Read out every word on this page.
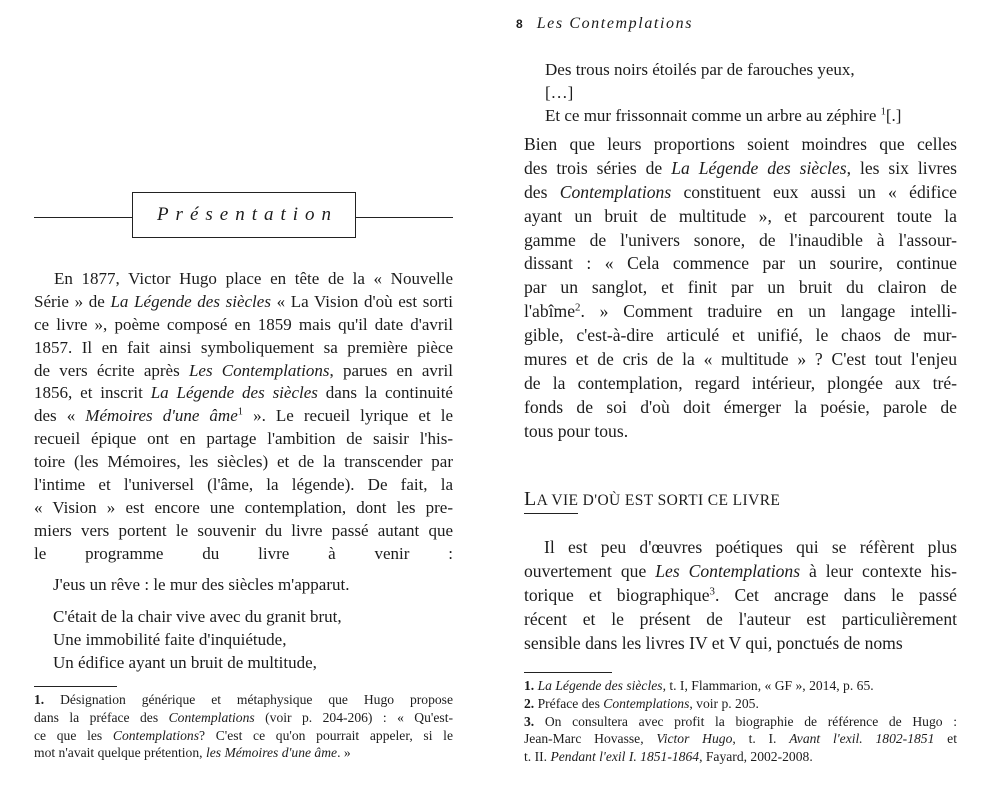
Présentation
En 1877, Victor Hugo place en tête de la « Nouvelle
Série » de La Légende des siècles « La Vision d'où est sorti
ce livre », poème composé en 1859 mais qu'il date d'avril
1857. Il en fait ainsi symboliquement sa première pièce
de vers écrite après Les Contemplations, parues en avril
1856, et inscrit La Légende des siècles dans la continuité
des « Mémoires d'une âme$^1$ ». Le recueil lyrique et le
recueil épique ont en partage l'ambition de saisir l'his-
toire (les Mémoires, les siècles) et de la transcender par
l'intime et l'universel (l'âme, la légende). De fait, la
« Vision » est encore une contemplation, dont les pre-
miers vers portent le souvenir du livre passé autant que
le programme du livre à venir :
J'eus un rêve : le mur des siècles m'apparut.
C'était de la chair vive avec du granit brut,
Une immobilité faite d'inquiétude,
Un édifice ayant un bruit de multitude,
1. Désignation générique et métaphysique que Hugo propose
dans la préface des Contemplations (voir p. 204-206) : « Qu'est-
ce que les Contemplations? C'est ce qu'on pourrait appeler, si le
mot n'avait quelque prétention, les Mémoires d'une âme. »
8 Les Contemplations
Des trous noirs étoilés par de farouches yeux,
[…]
Et ce mur frissonnait comme un arbre au zéphire $^1$[.]
Bien que leurs proportions soient moindres que celles
des trois séries de La Légende des siècles, les six livres
des Contemplations constituent eux aussi un « édifice
ayant un bruit de multitude », et parcourent toute la
gamme de l'univers sonore, de l'inaudible à l'assour-
dissant : « Cela commence par un sourire, continue
par un sanglot, et finit par un bruit du clairon de
l'abîme$^2$. » Comment traduire en un langage intelli-
gible, c'est-à-dire articulé et unifié, le chaos de mur-
mures et de cris de la « multitude » ? C'est tout l'enjeu
de la contemplation, regard intérieur, plongée aux tré-
fonds de soi d'où doit émerger la poésie, parole de
tous pour tous.
LA VIE D'OÙ EST SORTI CE LIVRE
Il est peu d'œuvres poétiques qui se réfèrent plus
ouvertement que Les Contemplations à leur contexte his-
torique et biographique$^3$. Cet ancrage dans le passé
récent et le présent de l'auteur est particulièrement
sensible dans les livres IV et V qui, ponctués de noms
1. La Légende des siècles, t. I, Flammarion, « GF », 2014, p. 65.
2. Préface des Contemplations, voir p. 205.
3. On consultera avec profit la biographie de référence de Hugo :
Jean-Marc Hovasse, Victor Hugo, t. I. Avant l'exil. 1802-1851 et
t. II. Pendant l'exil I. 1851-1864, Fayard, 2002-2008.
